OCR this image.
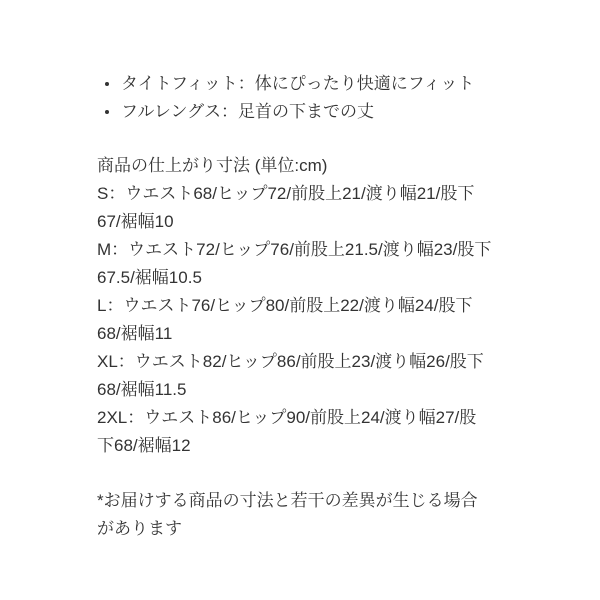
タイトフィット：体にぴったり快適にフィット
フルレングス：足首の下までの丈
商品の仕上がり寸法 (単位:cm)
S：ウエスト68/ヒップ72/前股上21/渡り幅21/股下67/裾幅10
M：ウエスト72/ヒップ76/前股上21.5/渡り幅23/股下67.5/裾幅10.5
L：ウエスト76/ヒップ80/前股上22/渡り幅24/股下68/裾幅11
XL：ウエスト82/ヒップ86/前股上23/渡り幅26/股下68/裾幅11.5
2XL：ウエスト86/ヒップ90/前股上24/渡り幅27/股下68/裾幅12
*お届けする商品の寸法と若干の差異が生じる場合があります
